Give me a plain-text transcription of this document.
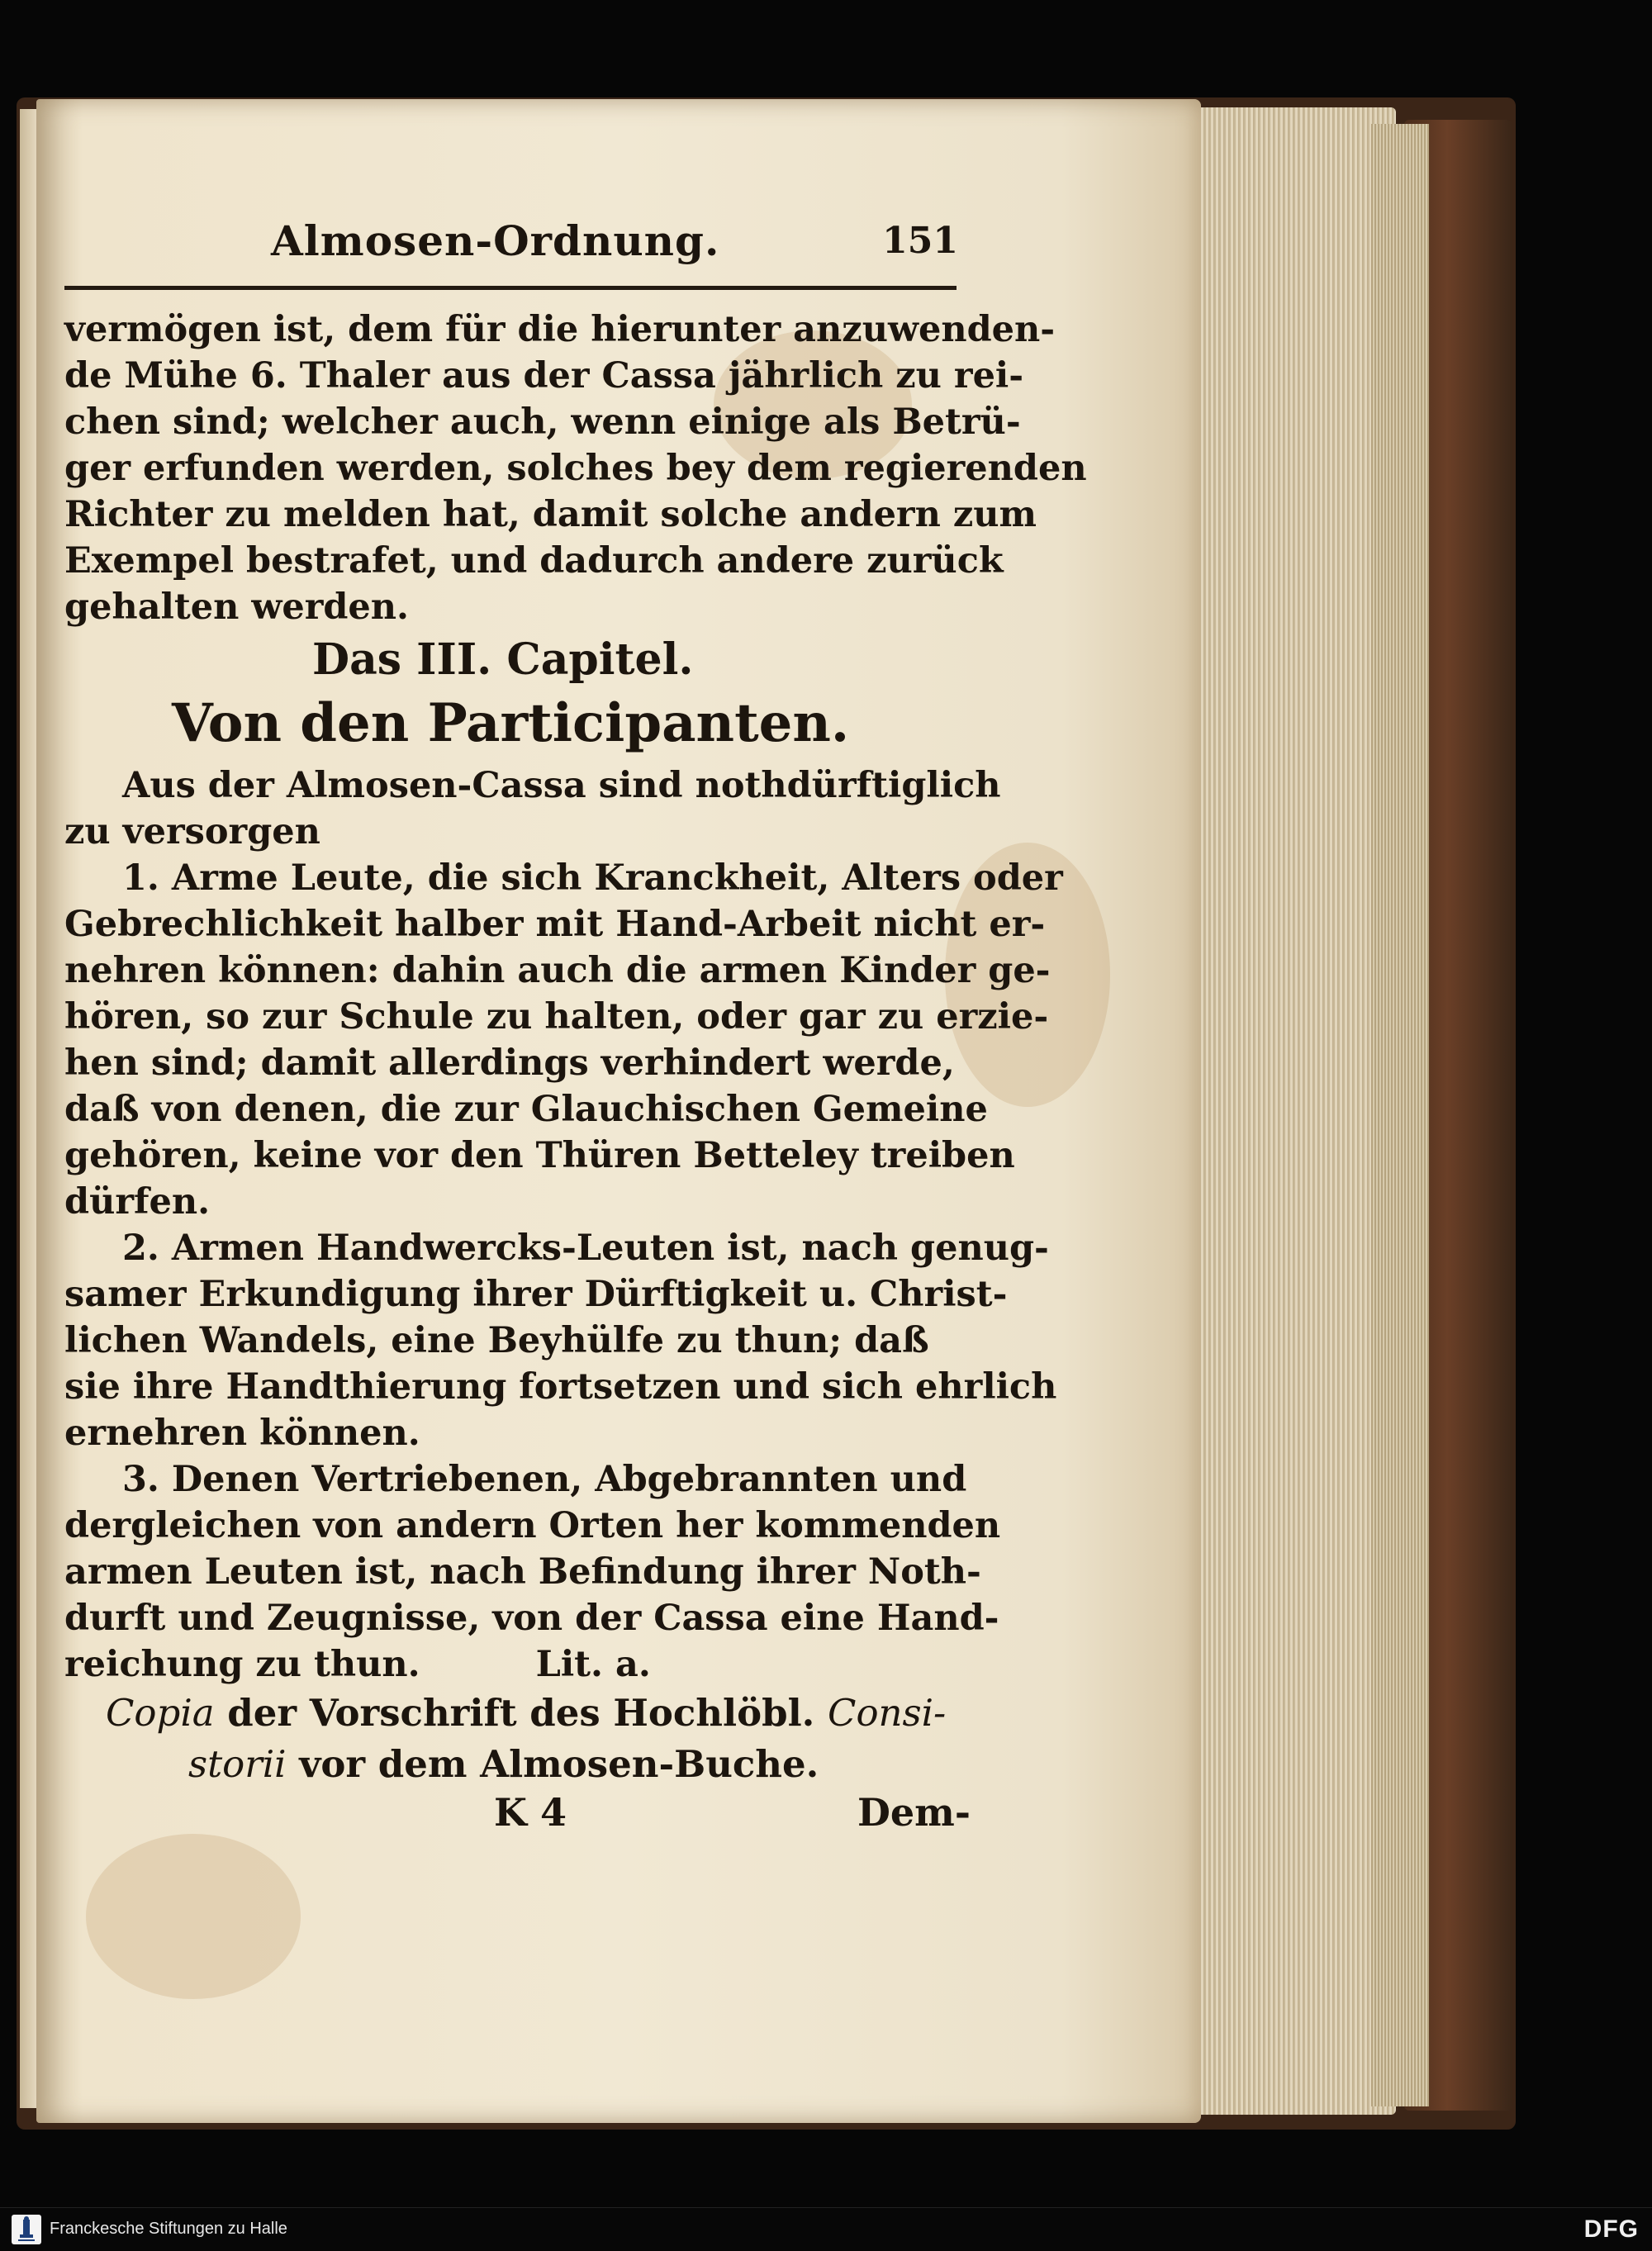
Almosen-Ordnung.	151
vermögen ist, dem für die hierunter anzuwenden-
de Mühe 6. Thaler aus der Cassa jährlich zu rei-
chen sind; welcher auch, wenn einige als Betrü-
ger erfunden werden, solches bey dem regierenden
Richter zu melden hat, damit solche andern zum
Exempel bestrafet, und dadurch andere zurück
gehalten werden.
Das III. Capitel.
Von den Participanten.
Aus der Almosen-Cassa sind nothdürftiglich
zu versorgen
1. Arme Leute, die sich Kranckheit, Alters oder
Gebrechlichkeit halber mit Hand-Arbeit nicht er-
nehren können: dahin auch die armen Kinder ge-
hören, so zur Schule zu halten, oder gar zu erzie-
hen sind; damit allerdings verhindert werde,
daß von denen, die zur Glauchischen Gemeine
gehören, keine vor den Thüren Betteley treiben
dürfen.
2. Armen Handwercks-Leuten ist, nach genug-
samer Erkundigung ihrer Dürftigkeit u. Christ-
lichen Wandels, eine Beyhülfe zu thun; daß
sie ihre Handthierung fortsetzen und sich ehrlich
ernehren können.
3. Denen Vertriebenen, Abgebrannten und
dergleichen von andern Orten her kommenden
armen Leuten ist, nach Befindung ihrer Noth-
durft und Zeugnisse, von der Cassa eine Hand-
reichung zu thun.	Lit. a.
Copia der Vorschrift des Hochlöbl. Consi-
storii vor dem Almosen-Buche.
K 4	Dem-
Franckesche Stiftungen zu Halle	DFG
